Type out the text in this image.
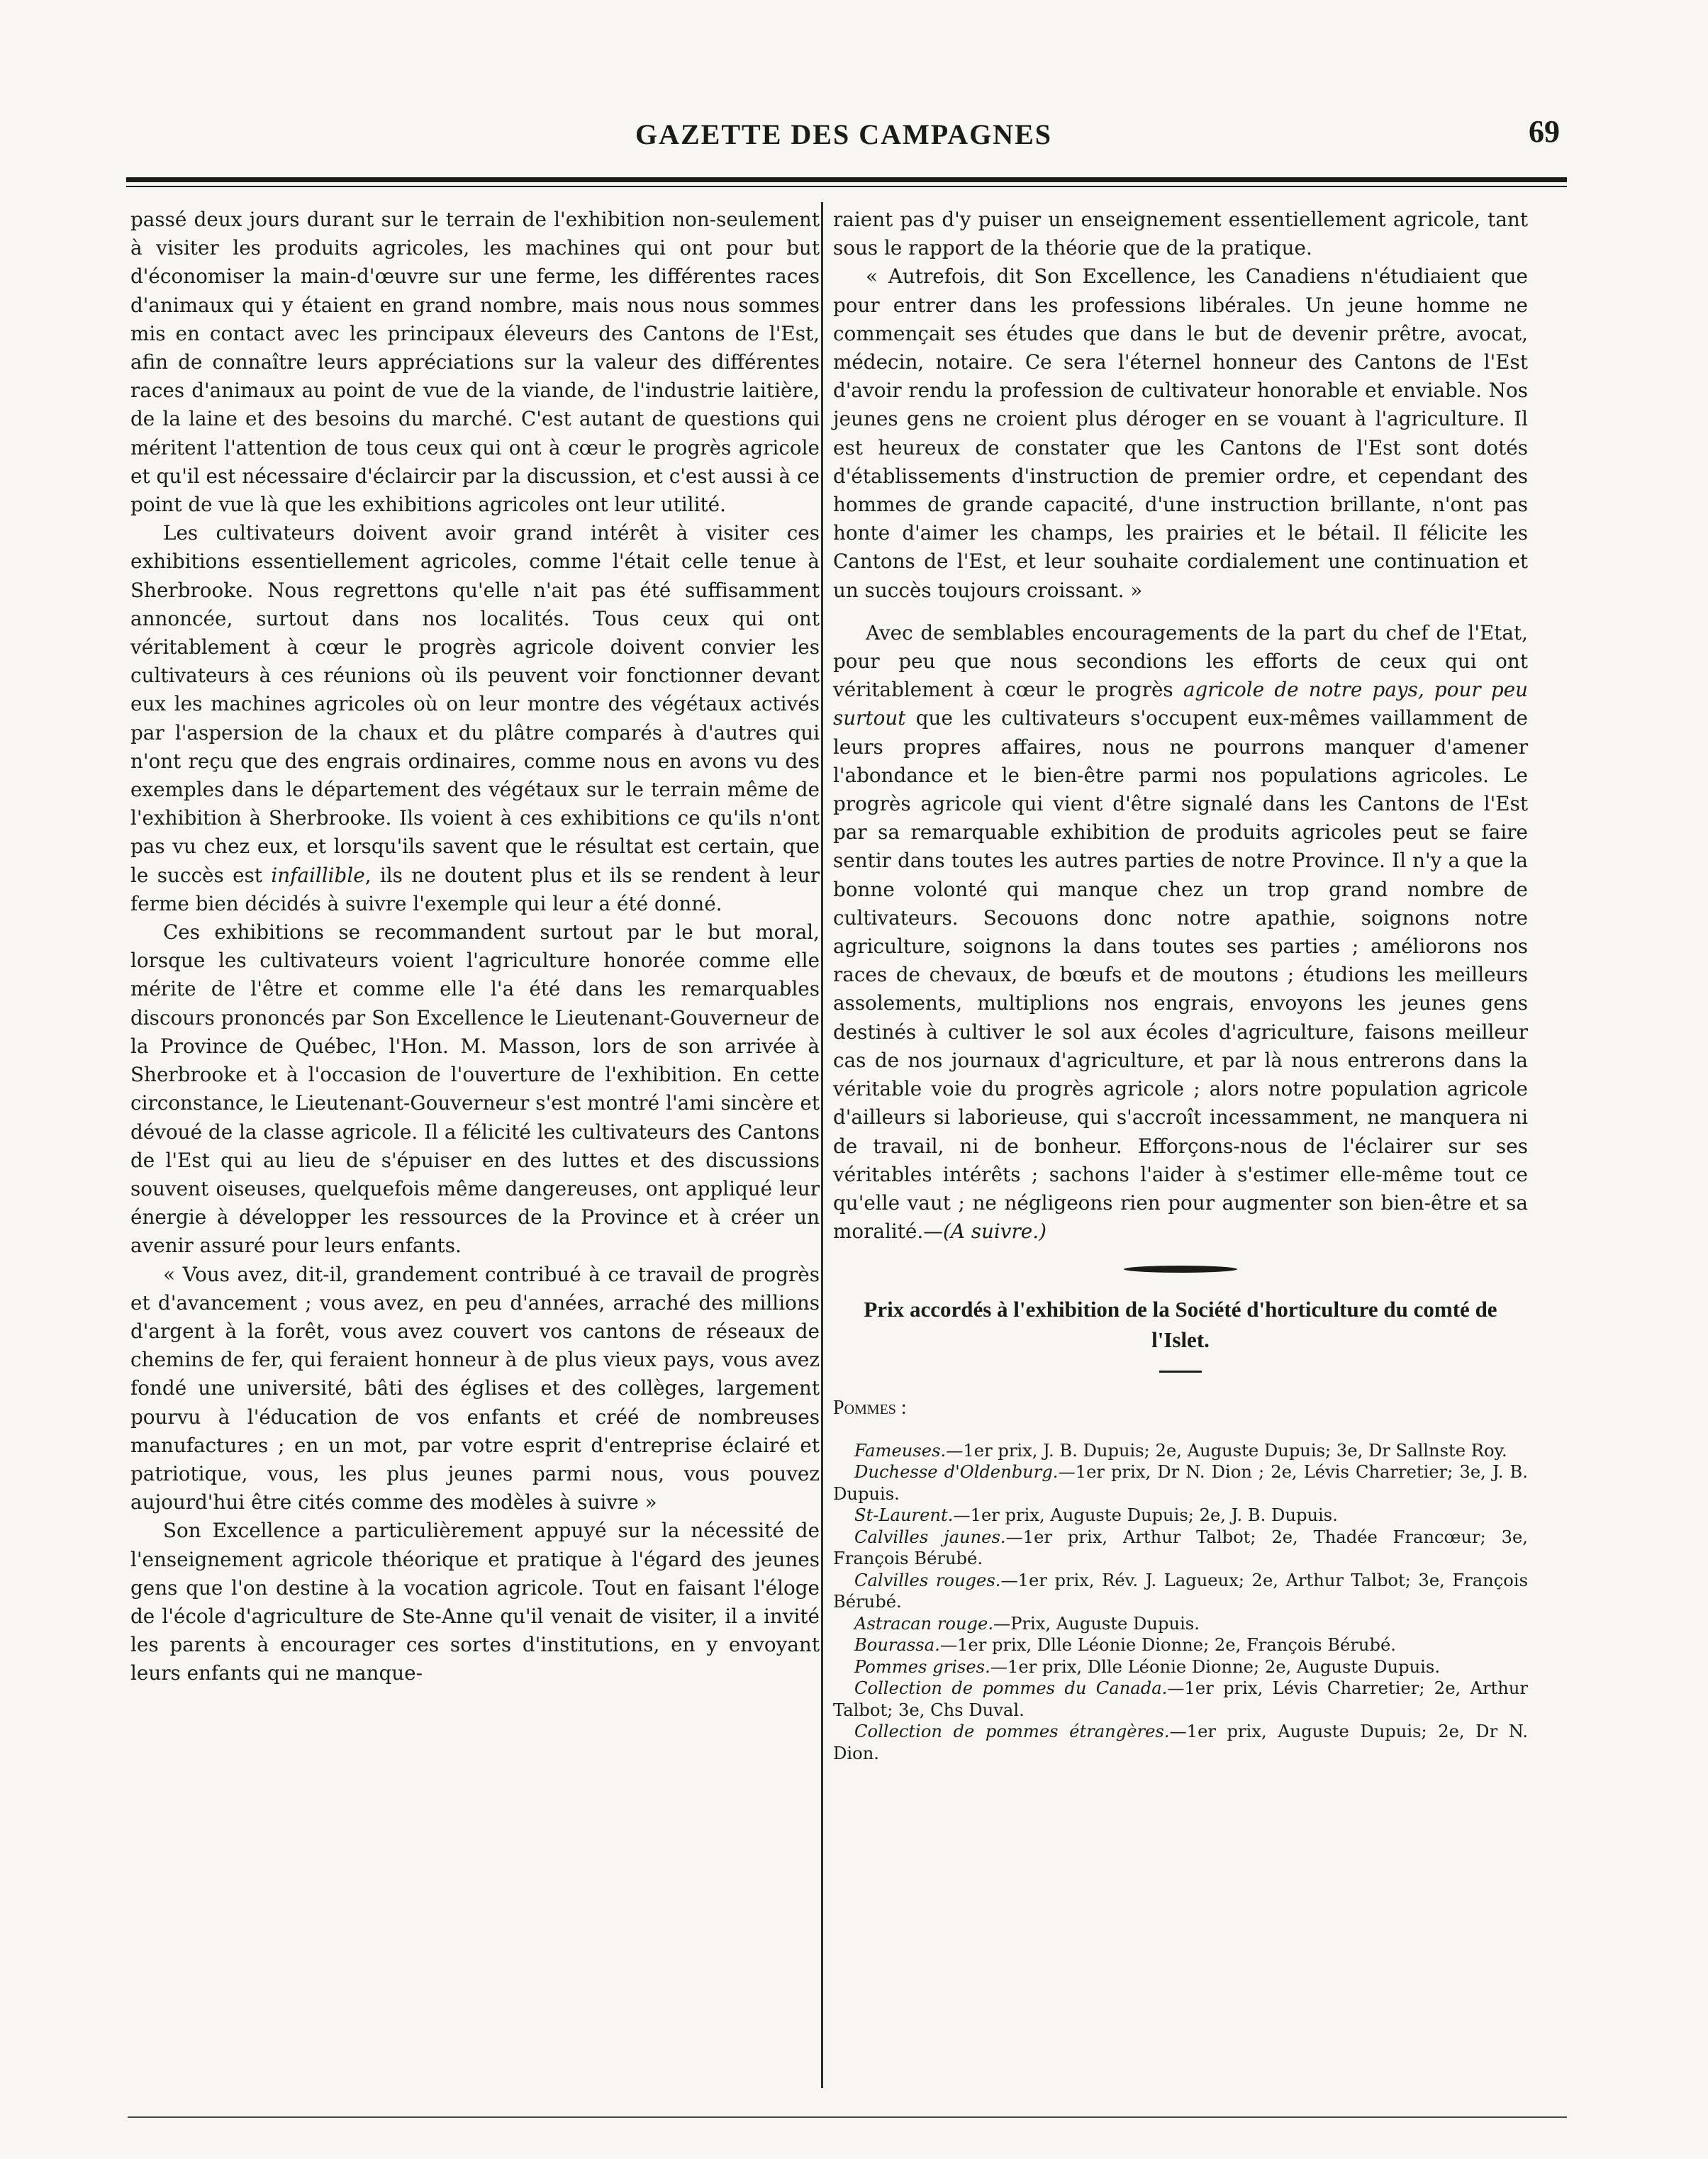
GAZETTE DES CAMPAGNES	69

passé deux jours durant sur le terrain de l'exhibition non-seulement à visiter les produits agricoles, les machines qui ont pour but d'économiser la main-d'œuvre sur une ferme, les différentes races d'animaux qui y étaient en grand nombre, mais nous nous sommes mis en contact avec les principaux éleveurs des Cantons de l'Est, afin de connaître leurs appréciations sur la valeur des différentes races d'animaux au point de vue de la viande, de l'industrie laitière, de la laine et des besoins du marché. C'est autant de questions qui méritent l'attention de tous ceux qui ont à cœur le progrès agricole et qu'il est nécessaire d'éclaircir par la discussion, et c'est aussi à ce point de vue là que les exhibitions agricoles ont leur utilité.

Les cultivateurs doivent avoir grand intérêt à visiter ces exhibitions essentiellement agricoles, comme l'était celle tenue à Sherbrooke. Nous regrettons qu'elle n'ait pas été suffisamment annoncée, surtout dans nos localités. Tous ceux qui ont véritablement à cœur le progrès agricole doivent convier les cultivateurs à ces réunions où ils peuvent voir fonctionner devant eux les machines agricoles où on leur montre des végétaux activés par l'aspersion de la chaux et du plâtre comparés à d'autres qui n'ont reçu que des engrais ordinaires, comme nous en avons vu des exemples dans le département des végétaux sur le terrain même de l'exhibition à Sherbrooke. Ils voient à ces exhibitions ce qu'ils n'ont pas vu chez eux, et lorsqu'ils savent que le résultat est certain, que le succès est infaillible, ils ne doutent plus et ils se rendent à leur ferme bien décidés à suivre l'exemple qui leur a été donné.

Ces exhibitions se recommandent surtout par le but moral, lorsque les cultivateurs voient l'agriculture honorée comme elle mérite de l'être et comme elle l'a été dans les remarquables discours prononcés par Son Excellence le Lieutenant-Gouverneur de la Province de Québec, l'Hon. M. Masson, lors de son arrivée à Sherbrooke et à l'occasion de l'ouverture de l'exhibition. En cette circonstance, le Lieutenant-Gouverneur s'est montré l'ami sincère et dévoué de la classe agricole. Il a félicité les cultivateurs des Cantons de l'Est qui au lieu de s'épuiser en des luttes et des discussions souvent oiseuses, quelquefois même dangereuses, ont appliqué leur énergie à développer les ressources de la Province et à créer un avenir assuré pour leurs enfants.

« Vous avez, dit-il, grandement contribué à ce travail de progrès et d'avancement ; vous avez, en peu d'années, arraché des millions d'argent à la forêt, vous avez couvert vos cantons de réseaux de chemins de fer, qui feraient honneur à de plus vieux pays, vous avez fondé une université, bâti des églises et des collèges, largement pourvu à l'éducation de vos enfants et créé de nombreuses manufactures ; en un mot, par votre esprit d'entreprise éclairé et patriotique, vous, les plus jeunes parmi nous, vous pouvez aujourd'hui être cités comme des modèles à suivre »

Son Excellence a particulièrement appuyé sur la nécessité de l'enseignement agricole théorique et pratique à l'égard des jeunes gens que l'on destine à la vocation agricole. Tout en faisant l'éloge de l'école d'agriculture de Ste-Anne qu'il venait de visiter, il a invité les parents à encourager ces sortes d'institutions, en y envoyant leurs enfants qui ne manque-

raient pas d'y puiser un enseignement essentiellement agricole, tant sous le rapport de la théorie que de la pratique.

« Autrefois, dit Son Excellence, les Canadiens n'étudiaient que pour entrer dans les professions libérales. Un jeune homme ne commençait ses études que dans le but de devenir prêtre, avocat, médecin, notaire. Ce sera l'éternel honneur des Cantons de l'Est d'avoir rendu la profession de cultivateur honorable et enviable. Nos jeunes gens ne croient plus déroger en se vouant à l'agriculture. Il est heureux de constater que les Cantons de l'Est sont dotés d'établissements d'instruction de premier ordre, et cependant des hommes de grande capacité, d'une instruction brillante, n'ont pas honte d'aimer les champs, les prairies et le bétail. Il félicite les Cantons de l'Est, et leur souhaite cordialement une continuation et un succès toujours croissant. »

Avec de semblables encouragements de la part du chef de l'Etat, pour peu que nous secondions les efforts de ceux qui ont véritablement à cœur le progrès agricole de notre pays, pour peu surtout que les cultivateurs s'occupent eux-mêmes vaillamment de leurs propres affaires, nous ne pourrons manquer d'amener l'abondance et le bien-être parmi nos populations agricoles. Le progrès agricole qui vient d'être signalé dans les Cantons de l'Est par sa remarquable exhibition de produits agricoles peut se faire sentir dans toutes les autres parties de notre Province. Il n'y a que la bonne volonté qui manque chez un trop grand nombre de cultivateurs. Secouons donc notre apathie, soignons notre agriculture, soignons la dans toutes ses parties ; améliorons nos races de chevaux, de bœufs et de moutons ; étudions les meilleurs assolements, multiplions nos engrais, envoyons les jeunes gens destinés à cultiver le sol aux écoles d'agriculture, faisons meilleur cas de nos journaux d'agriculture, et par là nous entrerons dans la véritable voie du progrès agricole ; alors notre population agricole d'ailleurs si laborieuse, qui s'accroît incessamment, ne manquera ni de travail, ni de bonheur. Efforçons-nous de l'éclairer sur ses véritables intérêts ; sachons l'aider à s'estimer elle-même tout ce qu'elle vaut ; ne négligeons rien pour augmenter son bien-être et sa moralité.—(A suivre.)

Prix accordés à l'exhibition de la Société d'horticulture du comté de l'Islet.

Pommes :

Fameuses.—1er prix, J. B. Dupuis; 2e, Auguste Dupuis; 3e, Dr Sallnste Roy.

Duchesse d'Oldenburg.—1er prix, Dr N. Dion ; 2e, Lévis Charretier; 3e, J. B. Dupuis.

St-Laurent.—1er prix, Auguste Dupuis; 2e, J. B. Dupuis.

Calvilles jaunes.—1er prix, Arthur Talbot; 2e, Thadée Francœur; 3e, François Bérubé.

Calvilles rouges.—1er prix, Rév. J. Lagueux; 2e, Arthur Talbot; 3e, François Bérubé.

Astracan rouge.—Prix, Auguste Dupuis.

Bourassa.—1er prix, Dlle Léonie Dionne; 2e, François Bérubé.

Pommes grises.—1er prix, Dlle Léonie Dionne; 2e, Auguste Dupuis.

Collection de pommes du Canada.—1er prix, Lévis Charretier; 2e, Arthur Talbot; 3e, Chs Duval.

Collection de pommes étrangères.—1er prix, Auguste Dupuis; 2e, Dr N. Dion.
